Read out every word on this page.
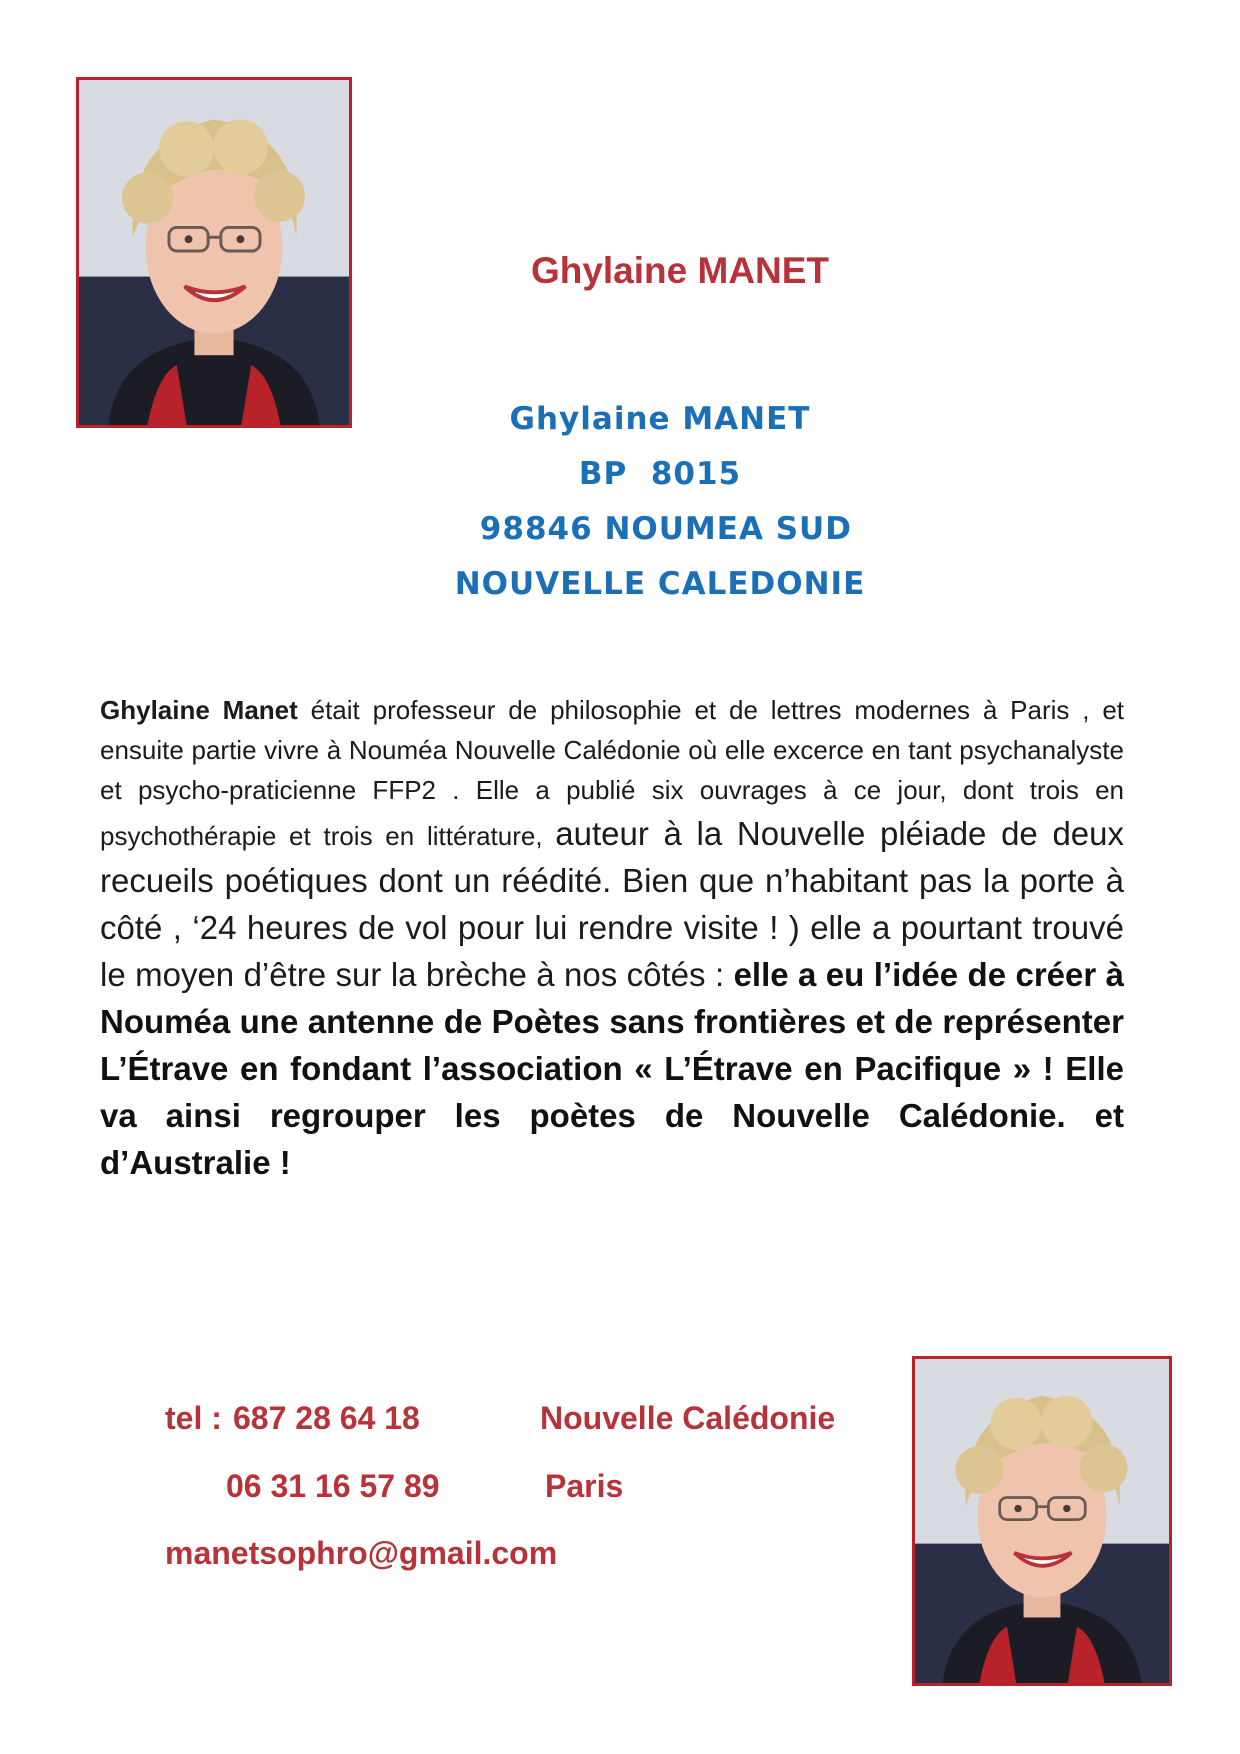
Ghylaine MANET
Ghylaine MANET
BP  8015
98846 NOUMEA SUD
NOUVELLE CALEDONIE

Ghylaine Manet était professeur de philosophie et de lettres modernes à Paris , et ensuite partie vivre à Nouméa Nouvelle Calédonie où elle excerce en tant psychanalyste et psycho-praticienne FFP2 . Elle a publié six ouvrages à ce jour, dont trois en psychothérapie et trois en littérature, auteur à la Nouvelle pléiade de deux recueils poétiques dont un réédité. Bien que n’habitant pas la porte à côté , ‘24 heures de vol pour lui rendre visite ! ) elle a pourtant trouvé le moyen d’être sur la brèche à nos côtés : elle a eu l’idée de créer à Nouméa une antenne de Poètes sans frontières et de représenter L’Étrave en fondant l’association « L’Étrave en Pacifique » ! Elle va ainsi regrouper les poètes de Nouvelle Calédonie. et d’Australie !

tel : 687 28 64 18	Nouvelle Calédonie
06 31 16 57 89	Paris
manetsophro@gmail.com
